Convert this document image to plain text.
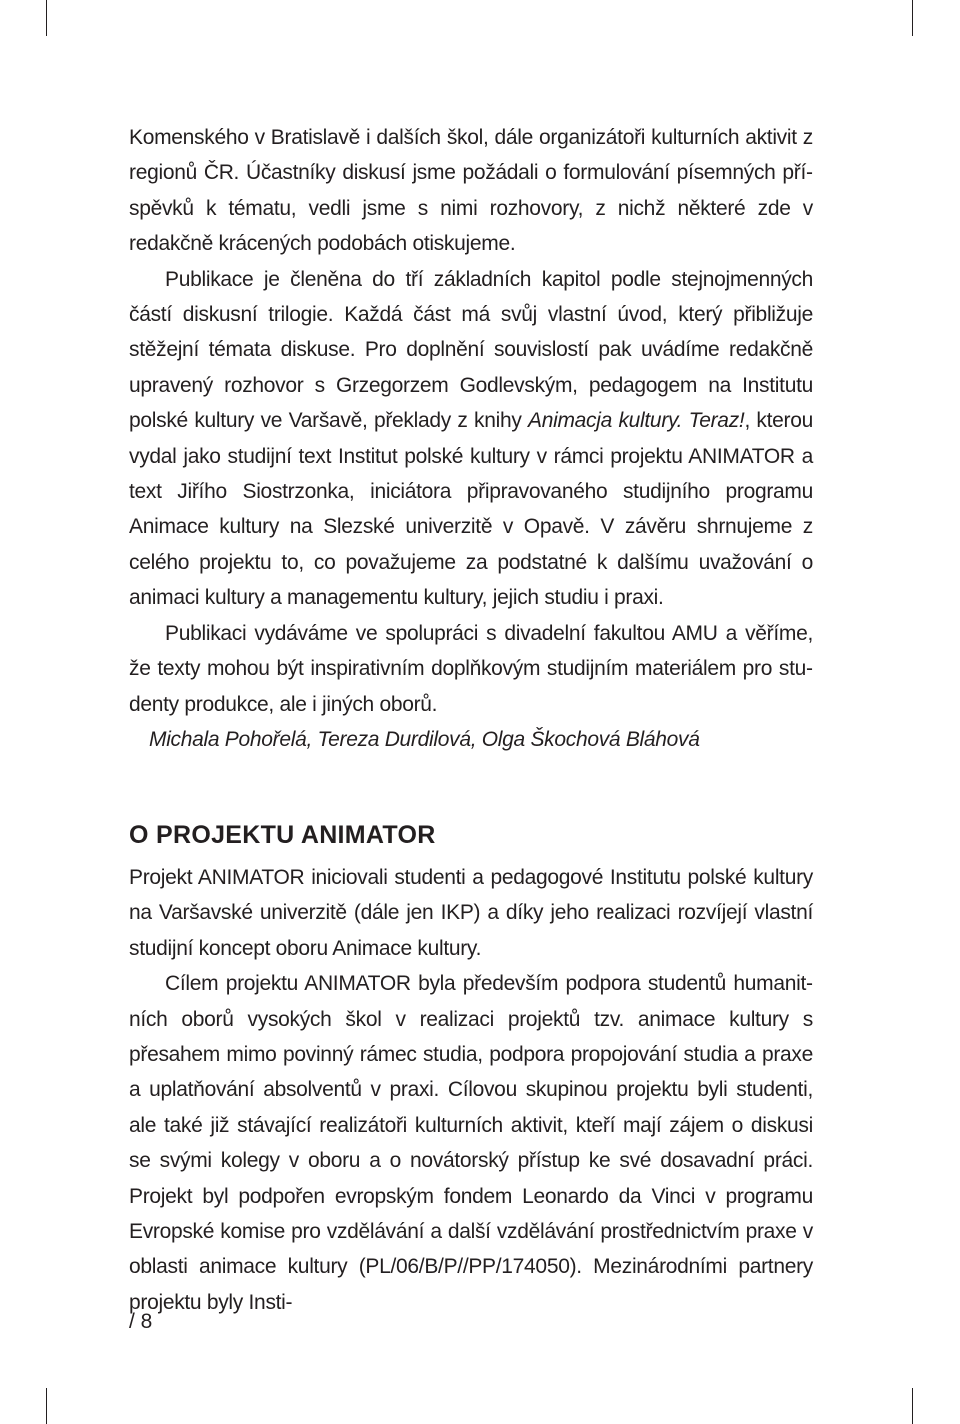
Komenského v Bratislavě i dalších škol, dále organizátoři kulturních aktivit z regionů ČR. Účastníky diskusí jsme požádali o formulování písemných příspěvků k tématu, vedli jsme s nimi rozhovory, z nichž některé zde v redakčně krácených podobách otiskujeme.

Publikace je členěna do tří základních kapitol podle stejnojmenných částí diskusní trilogie. Každá část má svůj vlastní úvod, který přibližuje stěžejní témata diskuse. Pro doplnění souvislostí pak uvádíme redakčně upravený rozhovor s Grzegorzem Godlevským, pedagogem na Institutu polské kultury ve Varšavě, překlady z knihy Animacja kultury. Teraz!, kterou vydal jako studijní text Institut polské kultury v rámci projektu ANIMATOR a text Jiřího Siostrzonka, iniciátora připravovaného studijního programu Animace kultury na Slezské univerzitě v Opavě. V závěru shrnujeme z celého projektu to, co považujeme za podstatné k dalšímu uvažování o animaci kultury a managementu kultury, jejich studiu i praxi.

Publikaci vydáváme ve spolupráci s divadelní fakultou AMU a věříme, že texty mohou být inspirativním doplňkovým studijním materiálem pro studenty produkce, ale i jiných oborů.

Michala Pohořelá, Tereza Durdilová, Olga Škochová Bláhová

O PROJEKTU ANIMATOR

Projekt ANIMATOR iniciovali studenti a pedagogové Institutu polské kultury na Varšavské univerzitě (dále jen IKP) a díky jeho realizaci rozvíjejí vlastní studijní koncept oboru Animace kultury.

Cílem projektu ANIMATOR byla především podpora studentů humanitních oborů vysokých škol v realizaci projektů tzv. animace kultury s přesahem mimo povinný rámec studia, podpora propojování studia a praxe a uplatňování absolventů v praxi. Cílovou skupinou projektu byli studenti, ale také již stávající realizátoři kulturních aktivit, kteří mají zájem o diskusi se svými kolegy v oboru a o novátorský přístup ke své dosavadní práci. Projekt byl podpořen evropským fondem Leonardo da Vinci v programu Evropské komise pro vzdělávání a další vzdělávání prostřednictvím praxe v oblasti animace kultury (PL/06/B/P//PP/174050). Mezinárodními partnery projektu byly Insti-

/ 8
